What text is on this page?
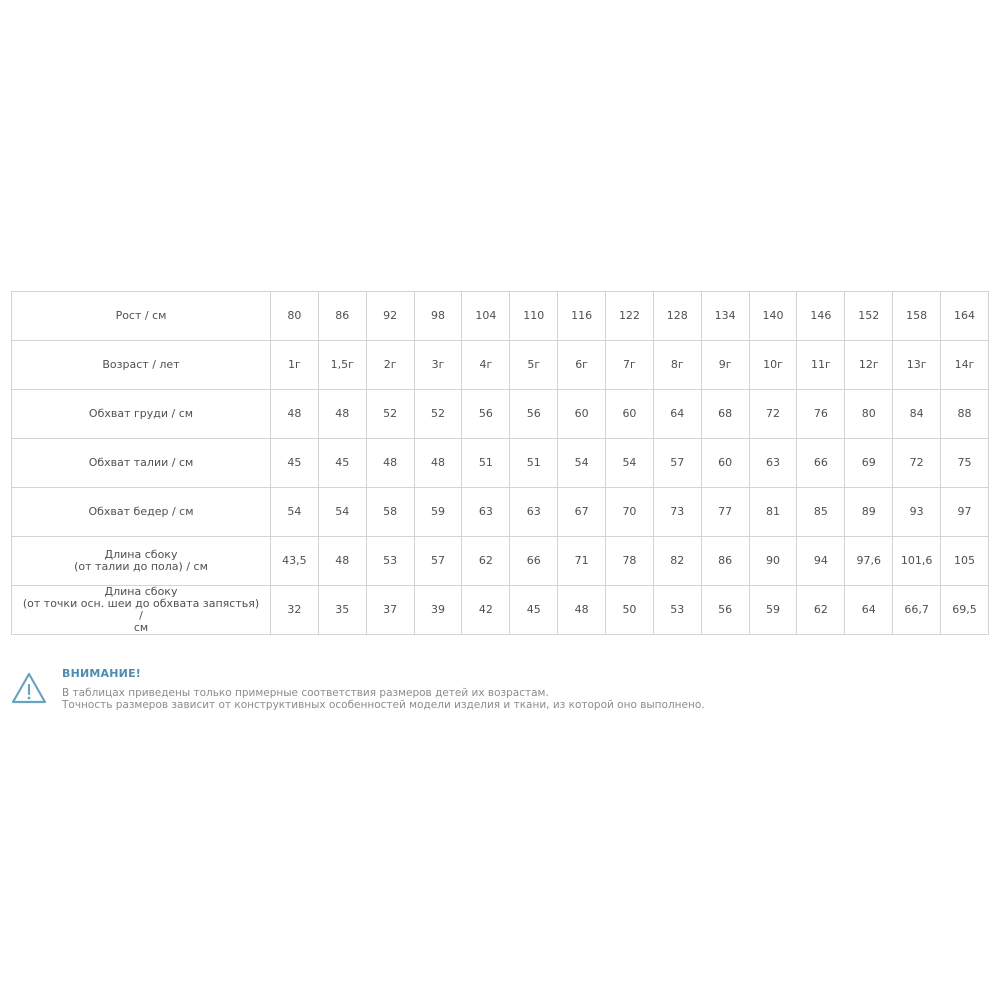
Рост / см	80	86	92	98	104	110	116	122	128	134	140	146	152	158	164

Возраст / лет	1г	1,5г	2г	3г	4г	5г	6г	7г	8г	9г	10г	11г	12г	13г	14г

Обхват груди / см	48	48	52	52	56	56	60	60	64	68	72	76	80	84	88

Обхват талии / см	45	45	48	48	51	51	54	54	57	60	63	66	69	72	75

Обхват бедер / см	54	54	58	59	63	63	67	70	73	77	81	85	89	93	97

Длина сбоку
(от талии до пола) / см	43,5	48	53	57	62	66	71	78	82	86	90	94	97,6	101,6	105

Длина сбоку
(от точки осн. шеи до обхвата запястья) /
см	32	35	37	39	42	45	48	50	53	56	59	62	64	66,7	69,5
ВНИМАНИЕ!
В таблицах приведены только примерные соответствия размеров детей их возрастам.
Точность размеров зависит от конструктивных особенностей модели изделия и ткани, из которой оно выполнено.
